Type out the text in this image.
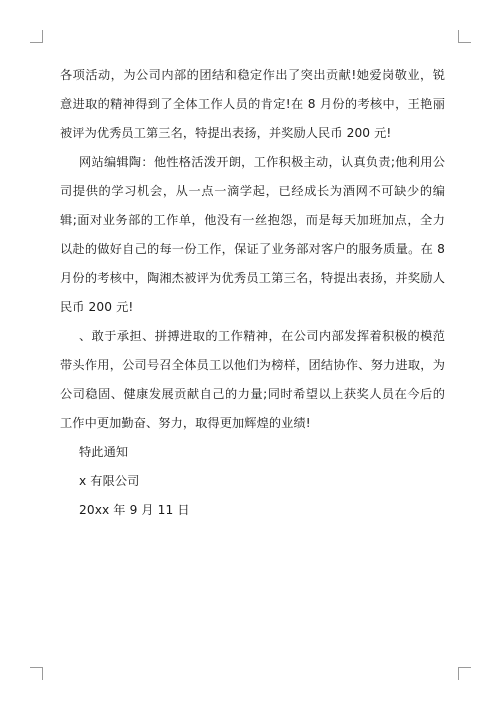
各项活动，为公司内部的团结和稳定作出了突出贡献!她爱岗敬业，锐意进取的精神得到了全体工作人员的肯定!在 8 月份的考核中，王艳丽被评为优秀员工第三名，特提出表扬，并奖励人民币 200 元!

网站编辑陶：他性格活泼开朗，工作积极主动，认真负责;他利用公司提供的学习机会，从一点一滴学起，已经成长为酒网不可缺少的编辑;面对业务部的工作单，他没有一丝抱怨，而是每天加班加点，全力以赴的做好自己的每一份工作，保证了业务部对客户的服务质量。在 8 月份的考核中，陶湘杰被评为优秀员工第三名，特提出表扬，并奖励人民币 200 元!

、敢于承担、拼搏进取的工作精神，在公司内部发挥着积极的模范带头作用，公司号召全体员工以他们为榜样，团结协作、努力进取，为公司稳固、健康发展贡献自己的力量;同时希望以上获奖人员在今后的工作中更加勤奋、努力，取得更加辉煌的业绩!

特此通知

x 有限公司

20xx 年 9 月 11 日
